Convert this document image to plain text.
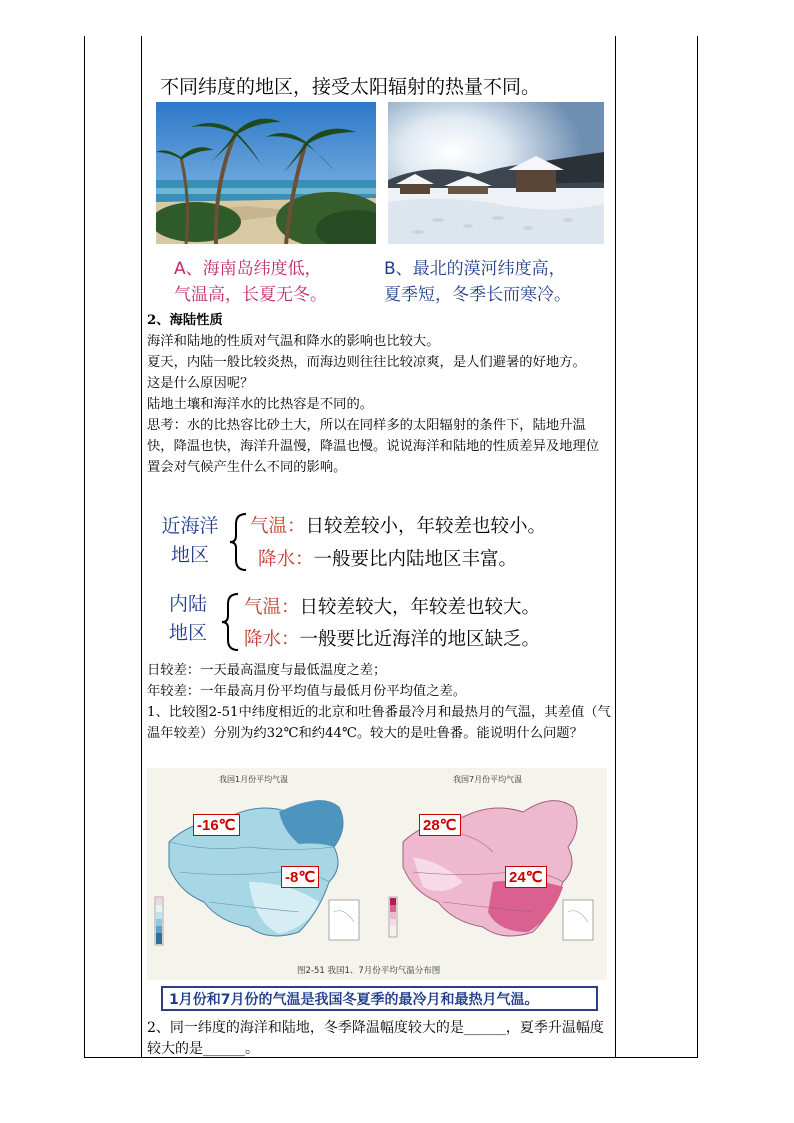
不同纬度的地区，接受太阳辐射的热量不同。
A、海南岛纬度低，
气温高，长夏无冬。
B、最北的漠河纬度高，
夏季短，冬季长而寒冷。

2、海陆性质

海洋和陆地的性质对气温和降水的影响也比较大。

夏天，内陆一般比较炎热，而海边则往往比较凉爽，是人们避暑的好地方。

这是什么原因呢？

陆地土壤和海洋水的比热容是不同的。

思考：水的比热容比砂土大，所以在同样多的太阳辐射的条件下，陆地升温快，降温也快，海洋升温慢，降温也慢。说说海洋和陆地的性质差异及地理位置会对气候产生什么不同的影响。

近海洋
地区
气温：日较差较小，年较差也较小。
降水：一般要比内陆地区丰富。
内陆
地区
气温：日较差较大，年较差也较大。
降水：一般要比近海洋的地区缺乏。

日较差：一天最高温度与最低温度之差；

年较差：一年最高月份平均值与最低月份平均值之差。

1、比较图2-51中纬度相近的北京和吐鲁番最冷月和最热月的气温，其差值（气温年较差）分别为约32℃和约44℃。较大的是吐鲁番。能说明什么问题？

我国1月份平均气温
-16℃
-8℃
我国7月份平均气温
28℃
24℃
图2-51 我国1、7月份平均气温分布图
1月份和7月份的气温是我国冬夏季的最冷月和最热月气温。
2、同一纬度的海洋和陆地，冬季降温幅度较大的是______，夏季升温幅度较大的是______。
